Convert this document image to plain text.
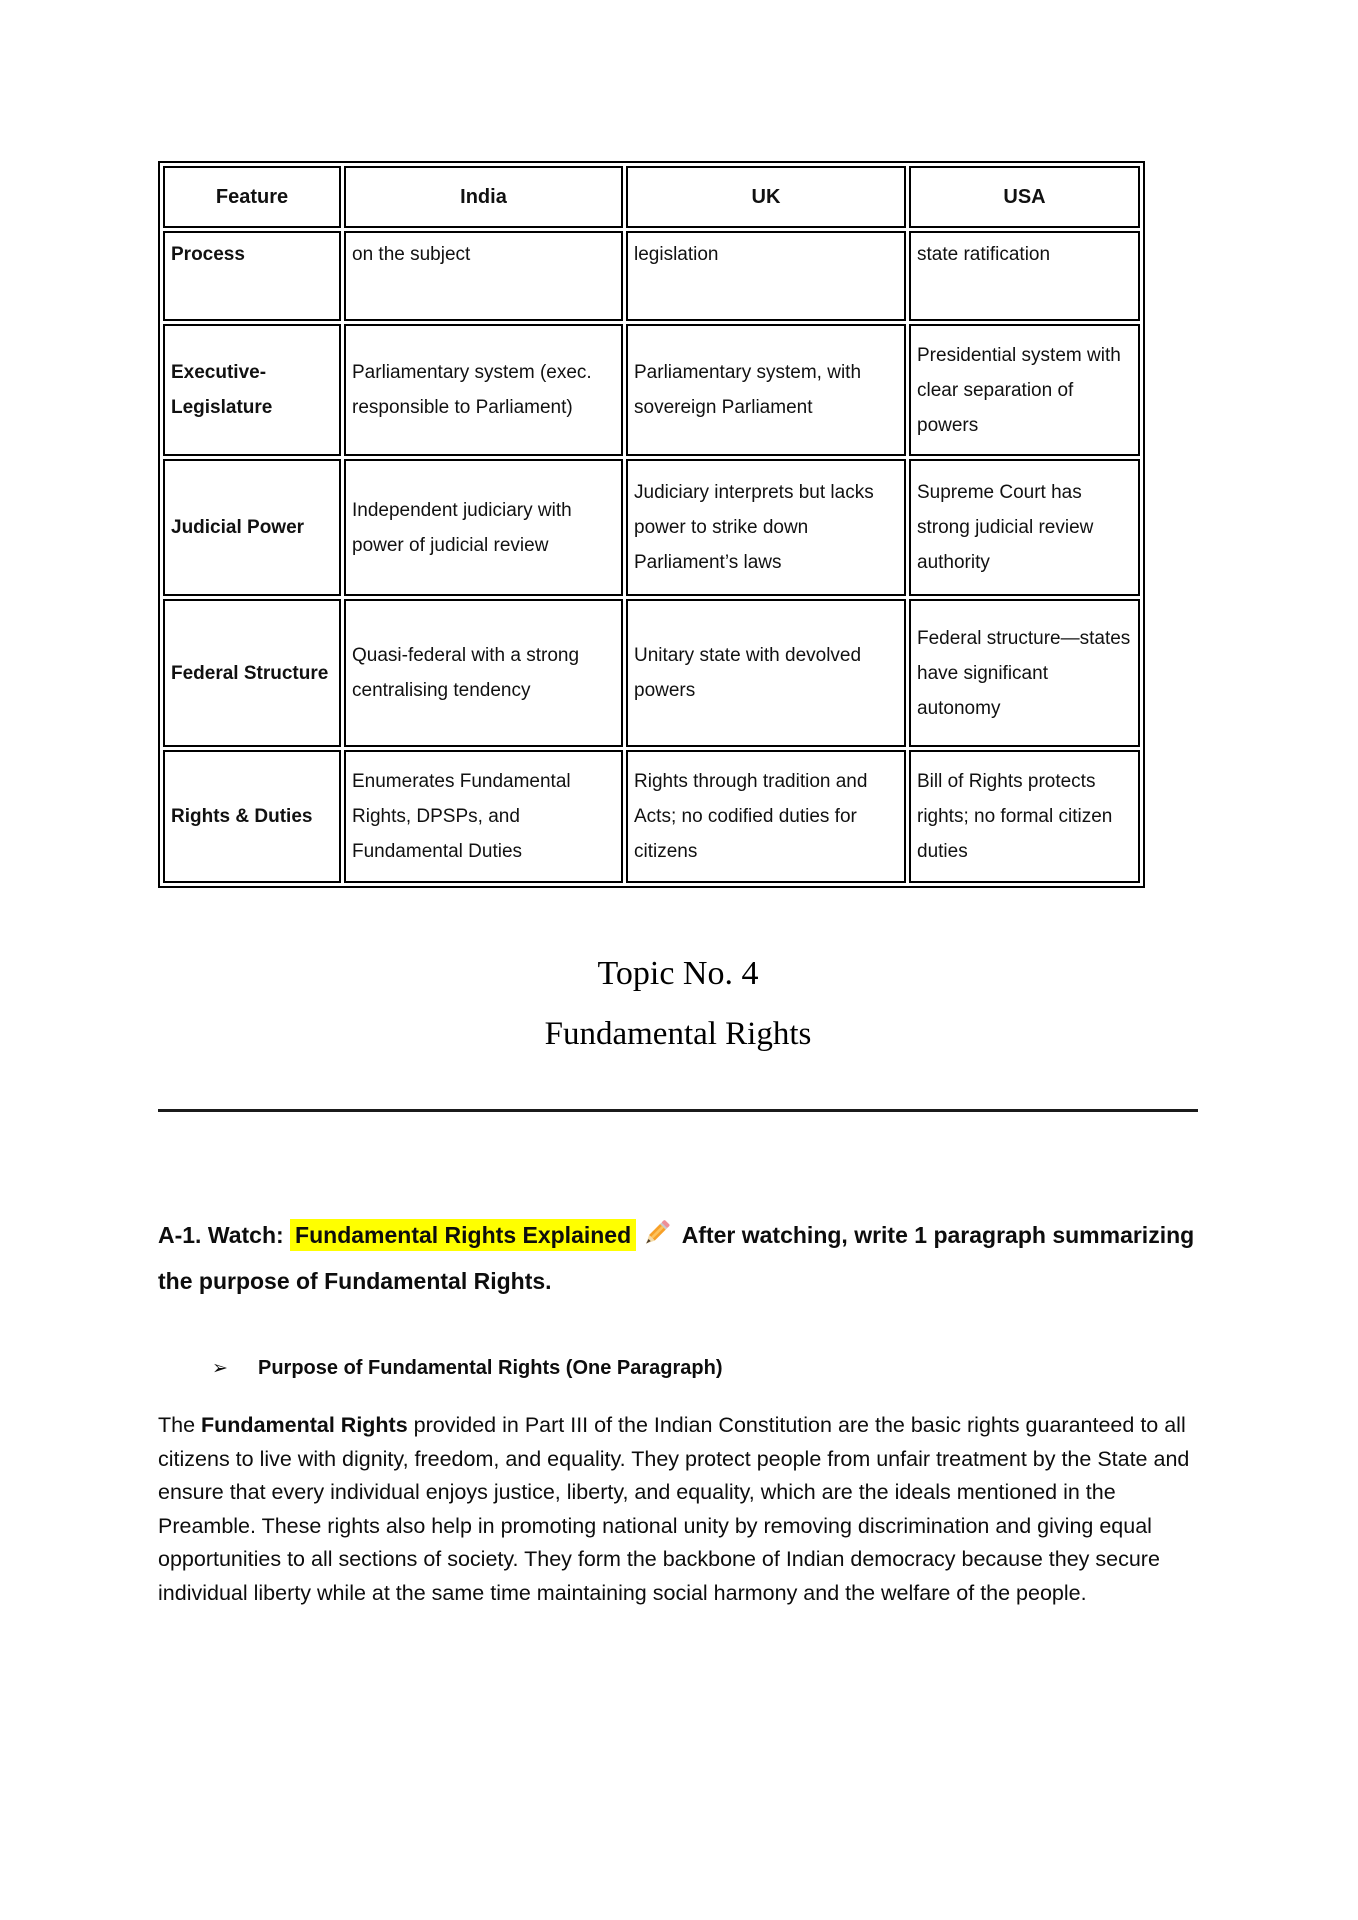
Feature	India	UK	USA
Process	on the subject	legislation	state ratification
Executive-Legislature	Parliamentary system (exec. responsible to Parliament)	Parliamentary system, with sovereign Parliament	Presidential system with clear separation of powers
Judicial Power	Independent judiciary with power of judicial review	Judiciary interprets but lacks power to strike down Parliament’s laws	Supreme Court has strong judicial review authority
Federal Structure	Quasi-federal with a strong centralising tendency	Unitary state with devolved powers	Federal structure—states have significant autonomy
Rights & Duties	Enumerates Fundamental Rights, DPSPs, and Fundamental Duties	Rights through tradition and Acts; no codified duties for citizens	Bill of Rights protects rights; no formal citizen duties
Topic No. 4
Fundamental Rights
A-1. Watch: Fundamental Rights Explained After watching, write 1 paragraph summarizing the purpose of Fundamental Rights.
➢ Purpose of Fundamental Rights (One Paragraph)
The Fundamental Rights provided in Part III of the Indian Constitution are the basic rights guaranteed to all citizens to live with dignity, freedom, and equality. They protect people from unfair treatment by the State and ensure that every individual enjoys justice, liberty, and equality, which are the ideals mentioned in the Preamble. These rights also help in promoting national unity by removing discrimination and giving equal opportunities to all sections of society. They form the backbone of Indian democracy because they secure individual liberty while at the same time maintaining social harmony and the welfare of the people.
